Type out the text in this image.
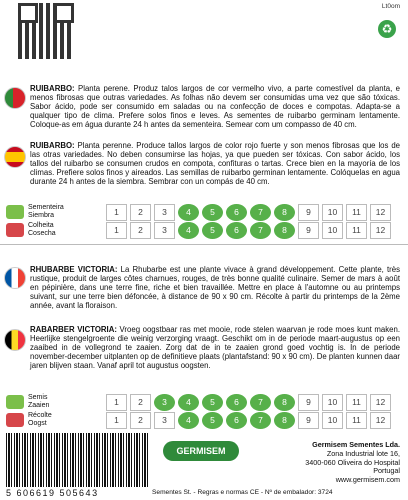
Lt0om
♻
RUIBARBO: Planta perene. Produz talos largos de cor vermelho vivo, a parte comestível da planta, e menos fibrosas que outras variedades. As folhas não devem ser consumidas uma vez que são tóxicas. Sabor ácido, pode ser consumido em saladas ou na confecção de doces e compotas. Adapta-se a qualquer tipo de clima. Prefere solos finos e leves. As sementes de ruibarbo germinam lentamente. Coloque-as em água durante 24 h antes da sementeira. Semear com um compasso de 40 cm.
RUIBARBO: Planta perenne. Produce tallos largos de color rojo fuerte y son menos fibrosas que los de las otras variedades. No deben consumirse las hojas, ya que pueden ser tóxicas. Con sabor ácido, los tallos del ruibarbo se consumen crudos en compota, confituras o tartas. Crece bien en la mayoría de los climas. Prefiere solos finos y aireados. Las semillas de ruibarbo germinan lentamente. Colóquelas en agua durante 24 h antes de la siembra. Sembrar con un compás de 40 cm.
Sementeira
Siembra	1	2	3	4	5	6	7	8	9	10	11	12
Colheita
Cosecha	1	2	3	4	5	6	7	8	9	10	11	12
RHUBARBE VICTORIA: La Rhubarbe est une plante vivace à grand développement. Cette plante, très rustique, produit de larges côtes charnues, rouges, de très bonne qualité culinaire. Semer de mars à août en pépinière, dans une terre fine, riche et bien travaillée. Mettre en place à l'automne ou au printemps suivant, sur une terre bien défoncée, à distance de 90 x 90 cm. Récolte à partir du printemps de la 2ème année, avant la floraison.
RABARBER VICTORIA: Vroeg oogstbaar ras met mooie, rode stelen waarvan je rode moes kunt maken. Heerlijke stengelgroente die weinig verzorging vraagt. Geschikt om in de periode maart-augustus op een zaaibed in de vollegrond te zaaien. Zorg dat de in te zaaien grond goed vochtig is. In de periode november-december uitplanten op de definitieve plaats (plantafstand: 90 x 90 cm). De planten kunnen daar jaren blijven staan. Vanaf april tot augustus oogsten.
Semis
Zaaien	1	2	3	4	5	6	7	8	9	10	11	12
Récolte
Oogst	1	2	3	4	5	6	7	8	9	10	11	12
5 606619 505643
GERMISEM
Germisem Sementes Lda.
Zona Industrial lote 16,
3400-060 Oliveira do Hospital
Portugal
www.germisem.com
Sementes St. - Regras e normas CE - Nº de embalador: 3724
